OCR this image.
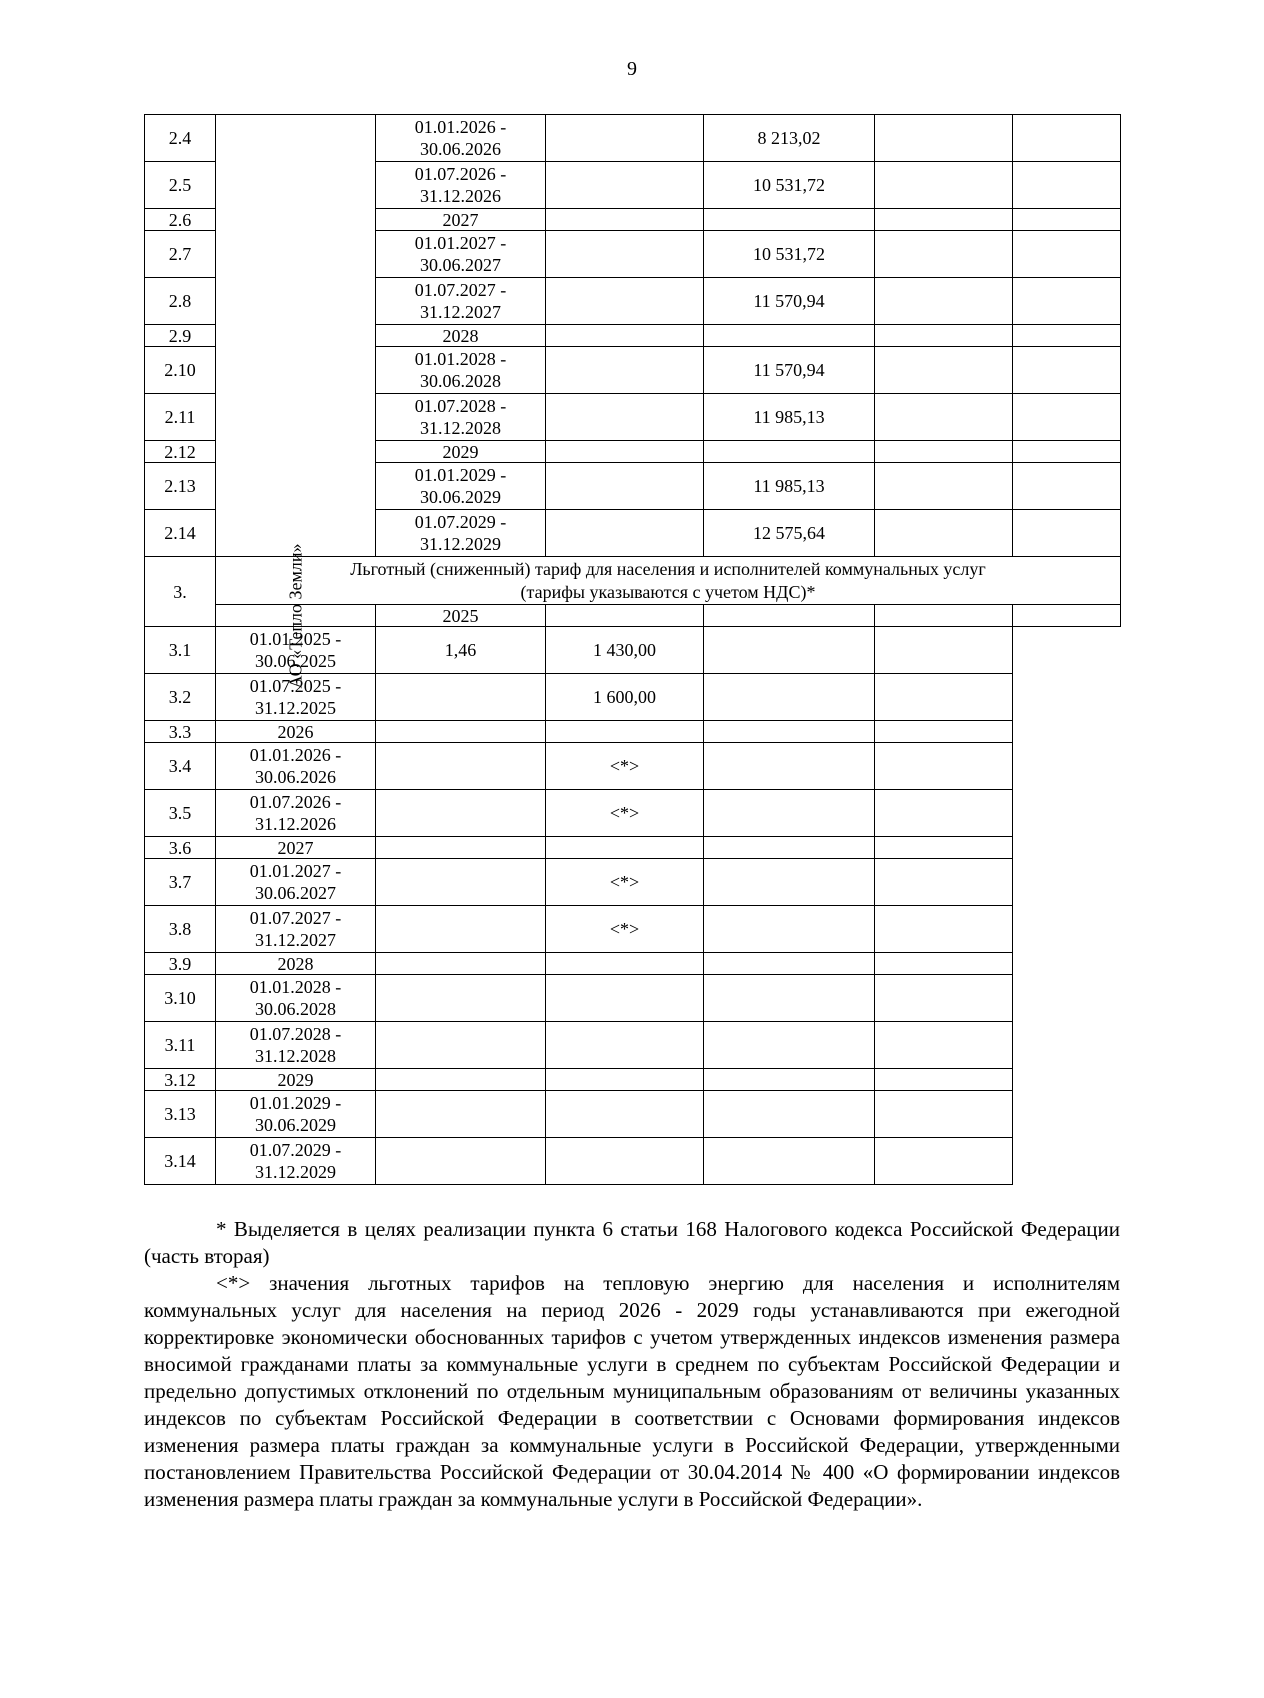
9
2.4		01.01.2026 -
30.06.2026		8 213,02		
2.5		01.07.2026 -
31.12.2026		10 531,72		
2.6		2027				
2.7		01.01.2027 -
30.06.2027		10 531,72		
2.8		01.07.2027 -
31.12.2027		11 570,94		
2.9		2028				
2.10		01.01.2028 -
30.06.2028		11 570,94		
2.11		01.07.2028 -
31.12.2028		11 985,13		
2.12		2029				
2.13		01.01.2029 -
30.06.2029		11 985,13		
2.14		01.07.2029 -
31.12.2029		12 575,64		
3.	Льготный (сниженный) тариф для населения и исполнителей коммунальных услуг
(тарифы указываются с учетом НДС)*					

	АО «Тепло Земли»	2025				
3.1	01.01.2025 -
30.06.2025	1,46	1 430,00			
3.2	01.07.2025 -
31.12.2025		1 600,00			
3.3	2026					
3.4	01.01.2026 -
30.06.2026		<*>			
3.5	01.07.2026 -
31.12.2026		<*>			
3.6	2027					
3.7	01.01.2027 -
30.06.2027		<*>			
3.8	01.07.2027 -
31.12.2027		<*>			
3.9	2028					
3.10	01.01.2028 -
30.06.2028					

3.11	01.07.2028 -
31.12.2028					

3.12	2029					
3.13	01.01.2029 -
30.06.2029					

3.14	01.07.2029 -
31.12.2029					

* Выделяется в целях реализации пункта 6 статьи 168 Налогового кодекса Российской Федерации (часть вторая)

<*> значения льготных тарифов на тепловую энергию для населения и исполнителям коммунальных услуг для населения на период 2026 - 2029 годы устанавливаются при ежегодной корректировке экономически обоснованных тарифов с учетом утвержденных индексов изменения размера вносимой гражданами платы за коммунальные услуги в среднем по субъектам Российской Федерации и предельно допустимых отклонений по отдельным муниципальным образованиям от величины указанных индексов по субъектам Российской Федерации в соответствии с Основами формирования индексов изменения размера платы граждан за коммунальные услуги в Российской Федерации, утвержденными постановлением Правительства Российской Федерации от 30.04.2014 № 400 «О формировании индексов изменения размера платы граждан за коммунальные услуги в Российской Федерации».
